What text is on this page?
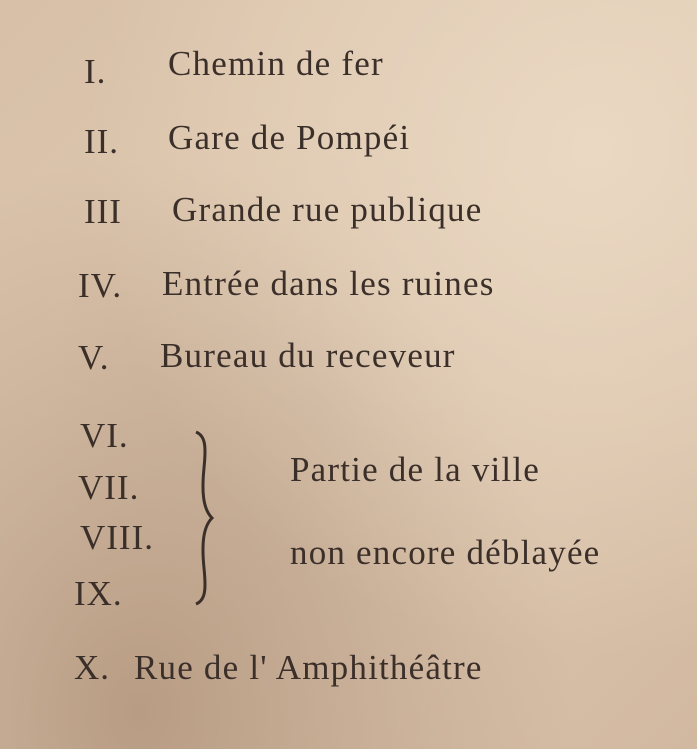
I. Chemin de fer
II. Gare de Pompéi
III Grande rue publique
IV. Entrée dans les ruines
V. Bureau du receveur
VI.
VII.
VIII.
IX.
Partie de la ville
non encore déblayée
X. Rue de l' Amphithéâtre
